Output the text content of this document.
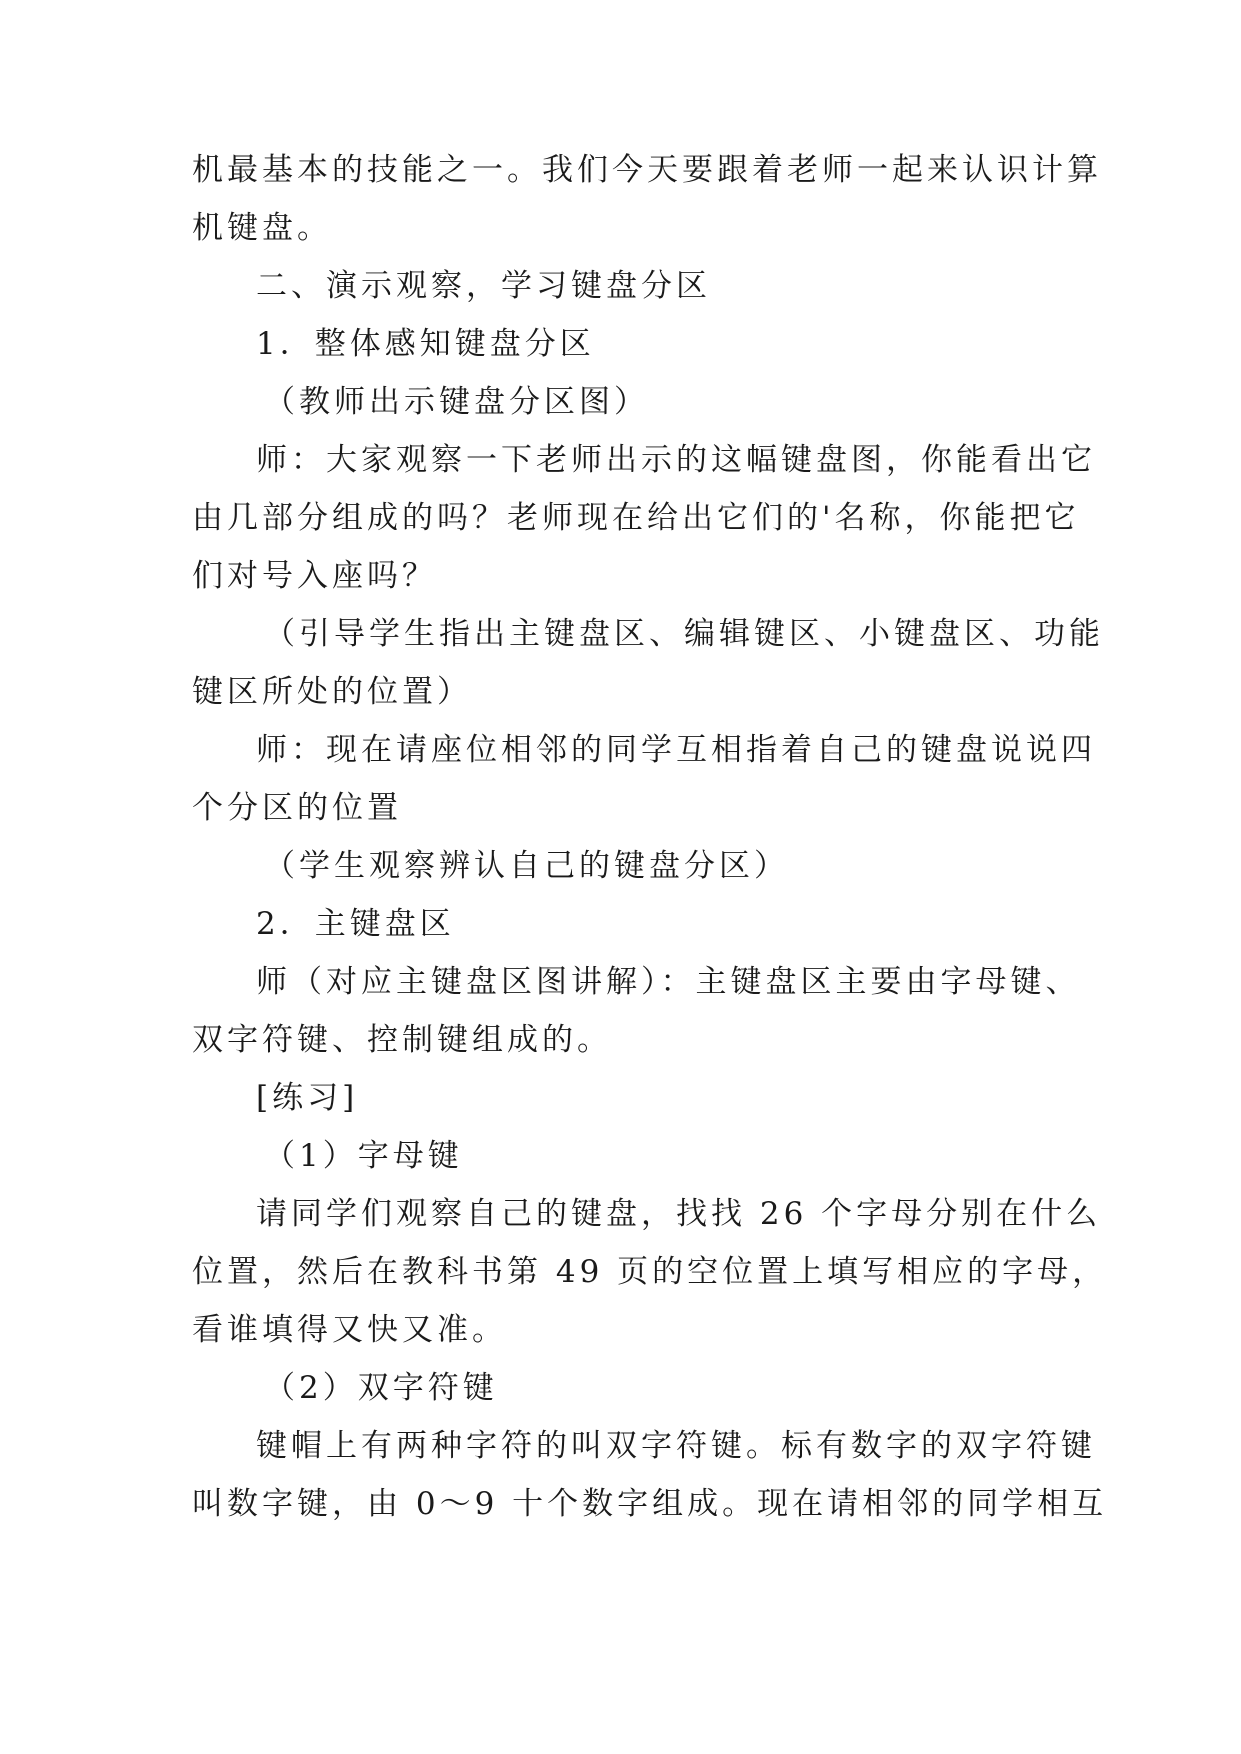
机最基本的技能之一。我们今天要跟着老师一起来认识计算
机键盘。
二、演示观察，学习键盘分区
1．整体感知键盘分区
（教师出示键盘分区图）
师：大家观察一下老师出示的这幅键盘图，你能看出它
由几部分组成的吗？老师现在给出它们的'名称，你能把它
们对号入座吗？
（引导学生指出主键盘区、编辑键区、小键盘区、功能
键区所处的位置）
师：现在请座位相邻的同学互相指着自己的键盘说说四
个分区的位置
（学生观察辨认自己的键盘分区）
2．主键盘区
师（对应主键盘区图讲解）：主键盘区主要由字母键、
双字符键、控制键组成的。
[练习]
（1）字母键
请同学们观察自己的键盘，找找 26 个字母分别在什么
位置，然后在教科书第 49 页的空位置上填写相应的字母，
看谁填得又快又准。
（2）双字符键
键帽上有两种字符的叫双字符键。标有数字的双字符键
叫数字键，由 0～9 十个数字组成。现在请相邻的同学相互
